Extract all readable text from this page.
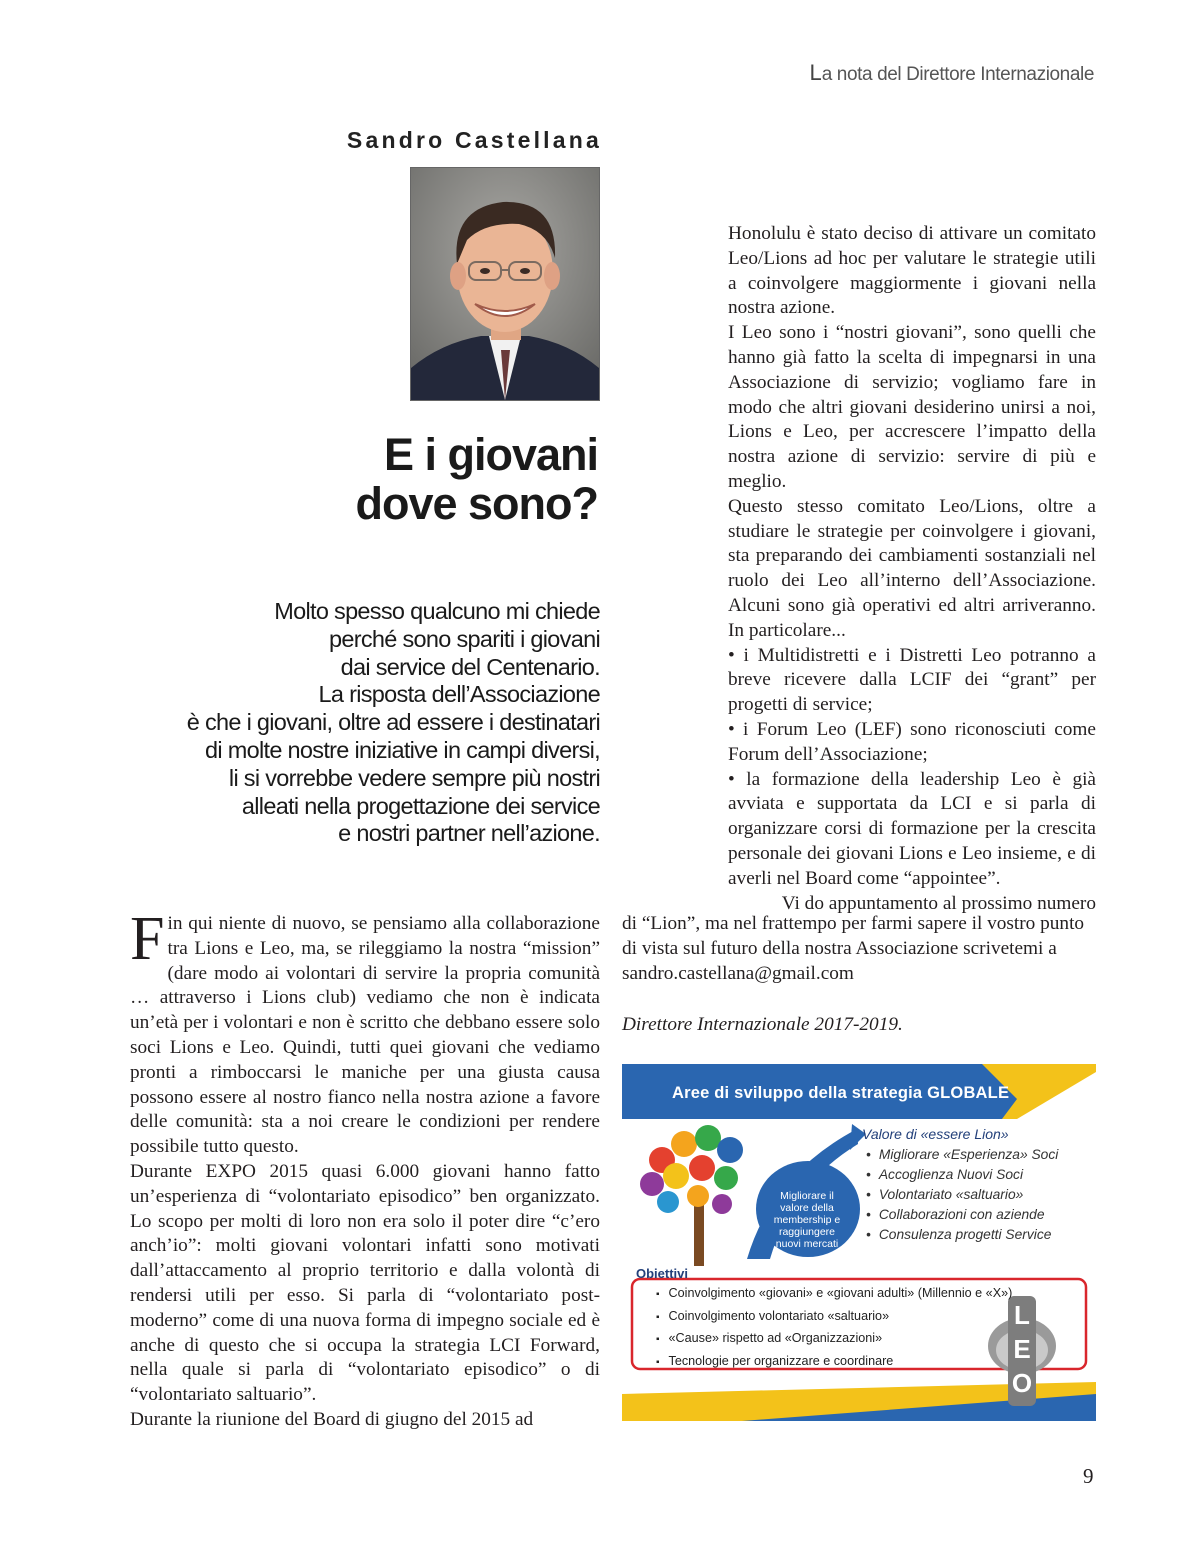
La nota del Direttore Internazionale
Sandro Castellana
E i giovani
dove sono?
Molto spesso qualcuno mi chiede
perché sono spariti i giovani
dai service del Centenario.
La risposta dell’Associazione
è che i giovani, oltre ad essere i destinatari
di molte nostre iniziative in campi diversi,
li si vorrebbe vedere sempre più nostri
alleati nella progettazione dei service
e nostri partner nell’azione.

Fin qui niente di nuovo, se pensiamo alla collaborazione tra Lions e Leo, ma, se rileggiamo la nostra “mission” (dare modo ai volontari di servire la propria comunità … attraverso i Lions club) vediamo che non è indicata un’età per i volontari e non è scritto che debbano essere solo soci Lions e Leo. Quindi, tutti quei giovani che vediamo pronti a rimboccarsi le maniche per una giusta causa possono essere al nostro fianco nella nostra azione a favore delle comunità: sta a noi creare le condizioni per rendere possibile tutto questo.

Durante EXPO 2015 quasi 6.000 giovani hanno fatto un’esperienza di “volontariato episodico” ben organizzato. Lo scopo per molti di loro non era solo il poter dire “c’ero anch’io”: molti giovani volontari infatti sono motivati dall’attaccamento al proprio territorio e dalla volontà di rendersi utili per esso. Si parla di “volontariato post-moderno” come di una nuova forma di impegno sociale ed è anche di questo che si occupa la strategia LCI Forward, nella quale si parla di “volontariato episodico” o di “volontariato saltuario”.

Durante la riunione del Board di giugno del 2015 ad

Honolulu è stato deciso di attivare un comitato Leo/Lions ad hoc per valutare le strategie utili a coinvolgere maggiormente i giovani nella nostra azione.

I Leo sono i “nostri giovani”, sono quelli che hanno già fatto la scelta di impegnarsi in una Associazione di servizio; vogliamo fare in modo che altri giovani desiderino unirsi a noi, Lions e Leo, per accrescere l’impatto della nostra azione di servizio: servire di più e meglio.

Questo stesso comitato Leo/Lions, oltre a studiare le strategie per coinvolgere i giovani, sta preparando dei cambiamenti sostanziali nel ruolo dei Leo all’interno dell’Associazione. Alcuni sono già operativi ed altri arriveranno. In particolare...

• i Multidistretti e i Distretti Leo potranno a breve ricevere dalla LCIF dei “grant” per progetti di service;

• i Forum Leo (LEF) sono riconosciuti come Forum dell’Associazione;

• la formazione della leadership Leo è già avviata e supportata da LCI e si parla di organizzare corsi di formazione per la crescita personale dei giovani Lions e Leo insieme, e di averli nel Board come “appointee”.

Vi do appuntamento al prossimo numero

di “Lion”, ma nel frattempo per farmi sapere il vostro punto di vista sul futuro della nostra Associazione scrivetemi a sandro.castellana@gmail.com

Direttore Internazionale 2017-2019.
L
E
O
Aree di sviluppo della strategia GLOBALE
Valore di «essere Lion»
• Migliorare «Esperienza» Soci
• Accoglienza Nuovi Soci
• Volontariato «saltuario»
• Collaborazioni con aziende
• Consulenza progetti Service
Migliorare il valore della membership e raggiungere nuovi mercati
Obiettivi
▪ Coinvolgimento «giovani» e «giovani adulti» (Millennio e «X»)
▪ Coinvolgimento volontariato «saltuario»
▪ «Cause» rispetto ad «Organizzazioni»
▪ Tecnologie per organizzare e coordinare
9
